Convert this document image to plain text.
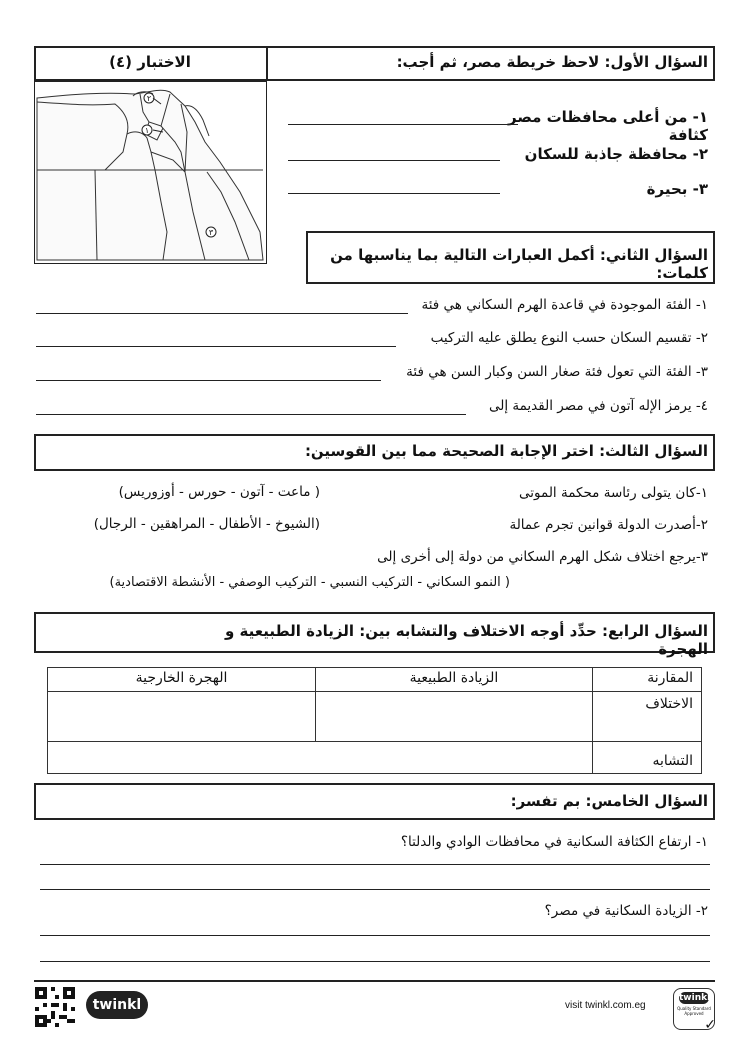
السؤال الأول: لاحظ خريطة مصر، ثم أجب:
الاختبار (٤)
٢
١
٣
١- من أعلى محافظات مصر كثافة
٢- محافظة جاذبة للسكان
٣- بحيرة
السؤال الثاني: أكمل العبارات التالية بما يناسبها من كلمات:
١- الفئة الموجودة في قاعدة الهرم السكاني هي فئة
٢- تقسيم السكان حسب النوع يطلق عليه التركيب
٣- الفئة التي تعول فئة صغار السن وكبار السن هي فئة
٤- يرمز الإله آتون في مصر القديمة إلى
السؤال الثالث: اختر الإجابة الصحيحة مما بين القوسين:
١-كان يتولى رئاسة محكمة الموتى
( ماعت - آتون - حورس - أوزوريس)
٢-أصدرت الدولة قوانين تجرم عمالة
(الشيوخ - الأطفال - المراهقين - الرجال)
٣-يرجع اختلاف شكل الهرم السكاني من دولة إلى أخرى إلى
( النمو السكاني - التركيب النسبي - التركيب الوصفي - الأنشطة الاقتصادية)
السؤال الرابع: حدِّد أوجه الاختلاف والتشابه بين: الزيادة الطبيعية و الهجرة
المقارنة	الزيادة الطبيعية	الهجرة الخارجية
الاختلاف		
التشابه		
السؤال الخامس: بم تفسر:
١- ارتفاع الكثافة السكانية في محافظات الوادي والدلتا؟
٢- الزيادة السكانية في مصر؟
twinkl	visit twinkl.com.eg
twinkl
Quality Standard Approved
✓
